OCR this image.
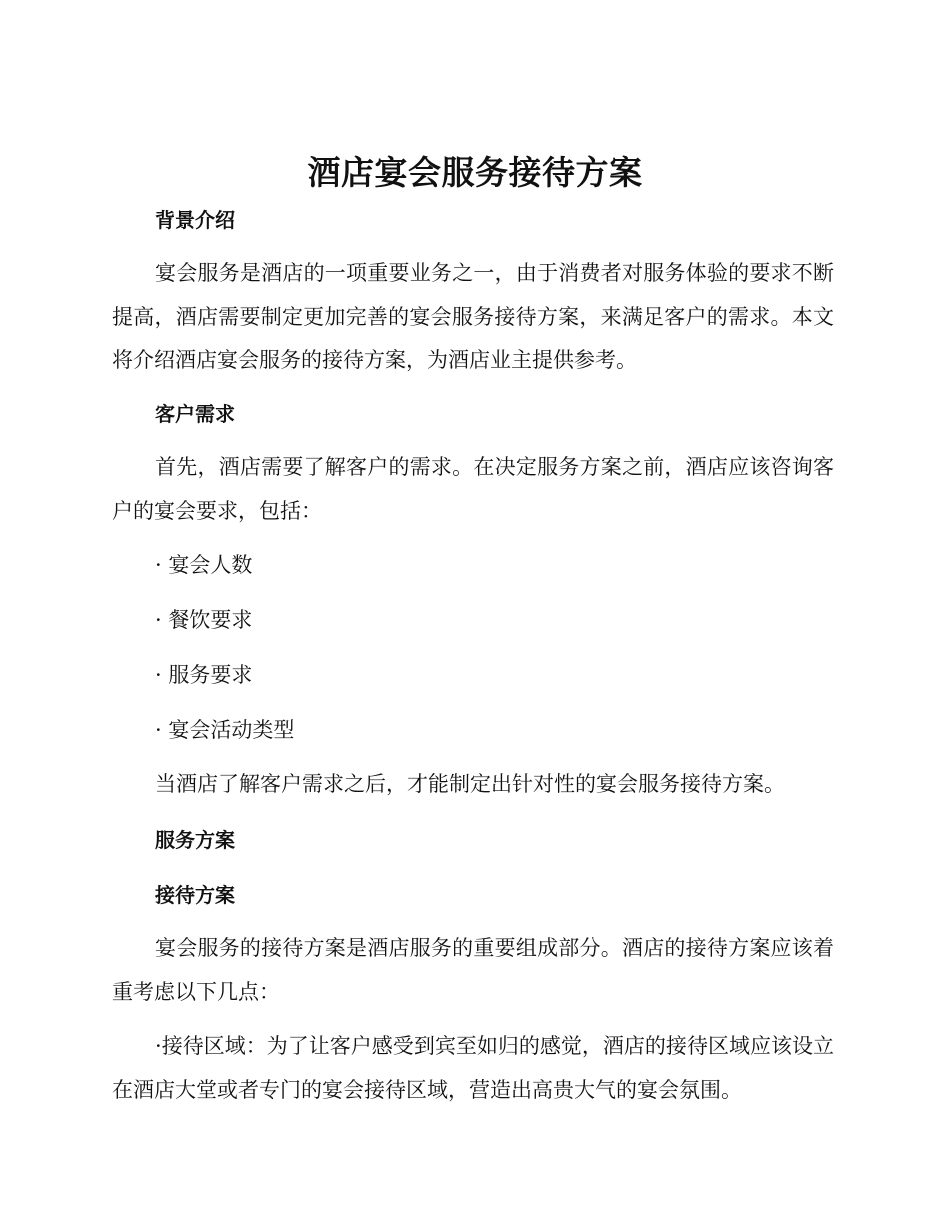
酒店宴会服务接待方案
背景介绍

宴会服务是酒店的一项重要业务之一，由于消费者对服务体验的要求不断提高，酒店需要制定更加完善的宴会服务接待方案，来满足客户的需求。本文将介绍酒店宴会服务的接待方案，为酒店业主提供参考。

客户需求

首先，酒店需要了解客户的需求。在决定服务方案之前，酒店应该咨询客户的宴会要求，包括：

· 宴会人数
· 餐饮要求
· 服务要求
· 宴会活动类型

当酒店了解客户需求之后，才能制定出针对性的宴会服务接待方案。

服务方案
接待方案

宴会服务的接待方案是酒店服务的重要组成部分。酒店的接待方案应该着重考虑以下几点：

·接待区域：为了让客户感受到宾至如归的感觉，酒店的接待区域应该设立在酒店大堂或者专门的宴会接待区域，营造出高贵大气的宴会氛围。
